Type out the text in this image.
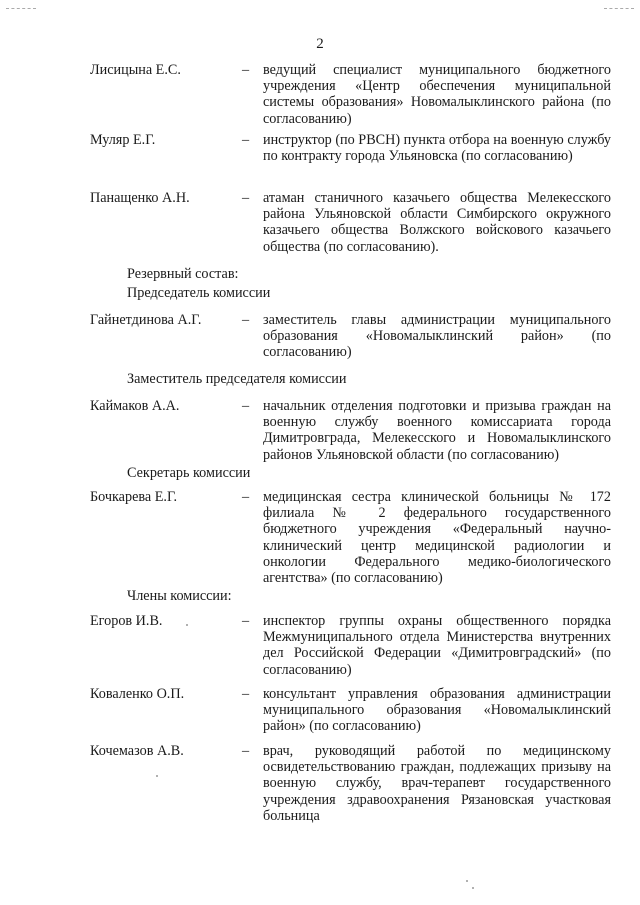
2
Лисицына Е.С.	– ведущий специалист муниципального бюджетного учреждения «Центр обеспечения муниципальной системы образования» Новомалыклинского района (по согласованию)
Муляр Е.Г.	– инструктор (по РВСН) пункта отбора на военную службу по контракту города Ульяновска (по согласованию)
Панащенко А.Н.	– атаман станичного казачьего общества Мелекесского района Ульяновской области Симбирского окружного казачьего общества Волжского войскового казачьего общества (по согласованию).
Резервный состав:
Председатель комиссии
Гайнетдинова А.Г.	– заместитель главы администрации муниципального образования «Новомалыклинский район» (по согласованию)
Заместитель председателя комиссии
Каймаков А.А.	– начальник отделения подготовки и призыва граждан на военную службу военного комиссариата города Димитровграда, Мелекесского и Новомалыклинского районов Ульяновской области (по согласованию)
Секретарь комиссии
Бочкарева Е.Г.	– медицинская сестра клинической больницы № 172 филиала № 2 федерального государственного бюджетного учреждения «Федеральный научно-клинический центр медицинской радиологии и онкологии Федерального медико-биологического агентства» (по согласованию)
Члены комиссии:
Егоров И.В.	– инспектор группы охраны общественного порядка Межмуниципального отдела Министерства внутренних дел Российской Федерации «Димитровградский» (по согласованию)
Коваленко О.П.	– консультант управления образования администрации муниципального образования «Новомалыклинский район» (по согласованию)
Кочемазов А.В.	– врач, руководящий работой по медицинскому освидетельствованию граждан, подлежащих призыву на военную службу, врач-терапевт государственного учреждения здравоохранения Рязановская участковая больница
